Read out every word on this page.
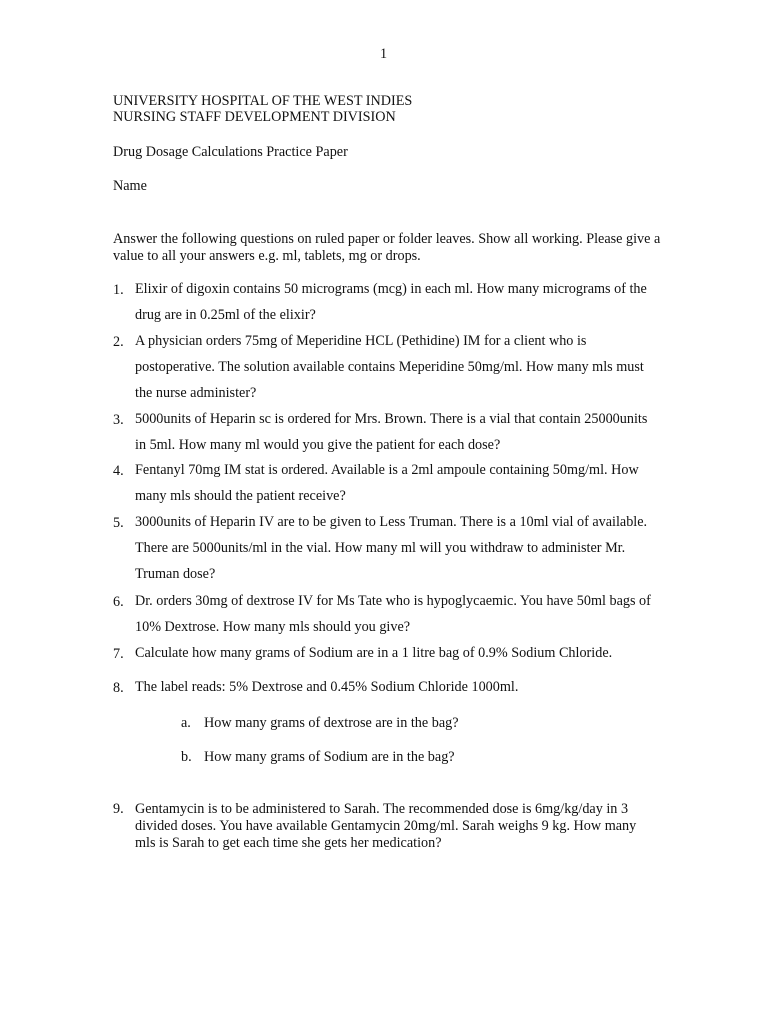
1
UNIVERSITY HOSPITAL OF THE WEST INDIES
NURSING STAFF DEVELOPMENT DIVISION
Drug Dosage Calculations Practice Paper
Name
Answer the following questions on ruled paper or folder leaves. Show all working. Please give a value to all your answers e.g. ml, tablets, mg or drops.
1. Elixir of digoxin contains 50 micrograms (mcg) in each ml. How many micrograms of the drug are in 0.25ml of the elixir?
2. A physician orders 75mg of Meperidine HCL (Pethidine) IM for a client who is postoperative. The solution available contains Meperidine 50mg/ml. How many mls must the nurse administer?
3. 5000units of Heparin sc is ordered for Mrs. Brown. There is a vial that contain 25000units in 5ml. How many ml would you give the patient for each dose?
4. Fentanyl 70mg IM stat is ordered. Available is a 2ml ampoule containing 50mg/ml. How many mls should the patient receive?
5. 3000units of Heparin IV are to be given to Less Truman. There is a 10ml vial of available. There are 5000units/ml in the vial. How many ml will you withdraw to administer Mr. Truman dose?
6. Dr. orders 30mg of dextrose IV for Ms Tate who is hypoglycaemic. You have 50ml bags of 10% Dextrose. How many mls should you give?
7. Calculate how many grams of Sodium are in a 1 litre bag of 0.9% Sodium Chloride.
8. The label reads: 5% Dextrose and 0.45% Sodium Chloride 1000ml.
a. How many grams of dextrose are in the bag?
b. How many grams of Sodium are in the bag?
9. Gentamycin is to be administered to Sarah. The recommended dose is 6mg/kg/day in 3 divided doses. You have available Gentamycin 20mg/ml. Sarah weighs 9 kg. How many mls is Sarah to get each time she gets her medication?
